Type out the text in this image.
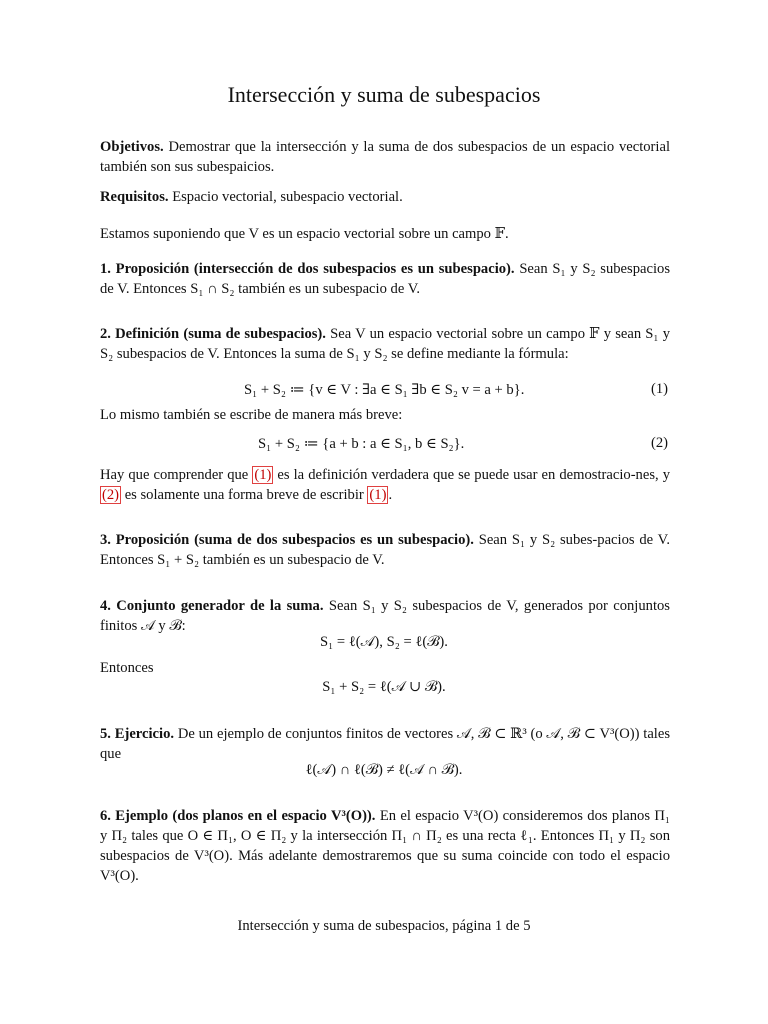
Intersección y suma de subespacios
Objetivos. Demostrar que la intersección y la suma de dos subespacios de un espacio vectorial también son sus subespaicios.
Requisitos. Espacio vectorial, subespacio vectorial.
Estamos suponiendo que V es un espacio vectorial sobre un campo 𝔽.
1. Proposición (intersección de dos subespacios es un subespacio). Sean S₁ y S₂ subespacios de V. Entonces S₁ ∩ S₂ también es un subespacio de V.
2. Definición (suma de subespacios). Sea V un espacio vectorial sobre un campo 𝔽 y sean S₁ y S₂ subespacios de V. Entonces la suma de S₁ y S₂ se define mediante la fórmula:
S₁ + S₂ ≔ {v ∈ V : ∃a ∈ S₁ ∃b ∈ S₂ v = a + b}.	(1)
Lo mismo también se escribe de manera más breve:
S₁ + S₂ ≔ {a + b : a ∈ S₁, b ∈ S₂}.	(2)
Hay que comprender que (1) es la definición verdadera que se puede usar en demostracio-nes, y (2) es solamente una forma breve de escribir (1) .
3. Proposición (suma de dos subespacios es un subespacio). Sean S₁ y S₂ subes-pacios de V. Entonces S₁ + S₂ también es un subespacio de V.
4. Conjunto generador de la suma. Sean S₁ y S₂ subespacios de V, generados por conjuntos finitos 𝒜 y ℬ:
S₁ = ℓ(𝒜), S₂ = ℓ(ℬ).
Entonces
S₁ + S₂ = ℓ(𝒜 ∪ ℬ).
5. Ejercicio. De un ejemplo de conjuntos finitos de vectores 𝒜, ℬ ⊂ ℝ³ (o 𝒜, ℬ ⊂ V³(O)) tales que
ℓ(𝒜) ∩ ℓ(ℬ) ≠ ℓ(𝒜 ∩ ℬ).
6. Ejemplo (dos planos en el espacio V³(O)). En el espacio V³(O) consideremos dos planos Π₁ y Π₂ tales que O ∈ Π₁, O ∈ Π₂ y la intersección Π₁ ∩ Π₂ es una recta ℓ₁. Entonces Π₁ y Π₂ son subespacios de V³(O). Más adelante demostraremos que su suma coincide con todo el espacio V³(O).
Intersección y suma de subespacios, página 1 de 5
